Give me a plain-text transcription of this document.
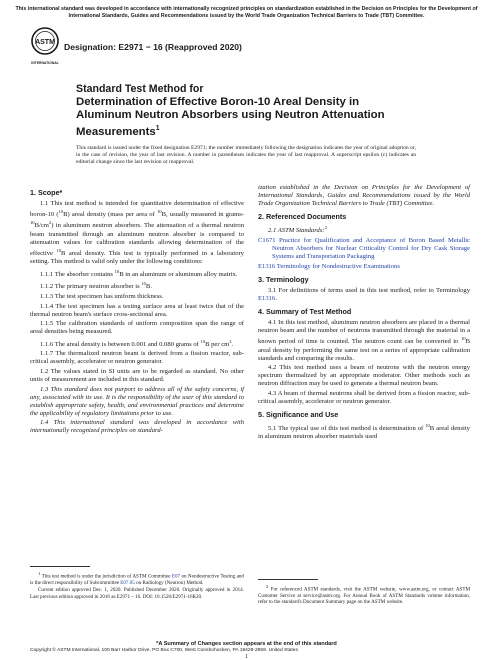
This international standard was developed in accordance with internationally recognized principles on standardization established in the Decision on Principles for the Development of International Standards, Guides and Recommendations issued by the World Trade Organization Technical Barriers to Trade (TBT) Committee.
ASTM
INTERNATIONAL
Designation: E2971 − 16 (Reapproved 2020)
Standard Test Method for
Determination of Effective Boron-10 Areal Density in
Aluminum Neutron Absorbers using Neutron Attenuation
Measurements$^1$
This standard is issued under the fixed designation E2971; the number immediately following the designation indicates the year of original adoption or, in the case of revision, the year of last revision. A number in parentheses indicates the year of last reapproval. A superscript epsilon (ε) indicates an editorial change since the last revision or reapproval.

1. Scope*

1.1 This test method is intended for quantitative determination of effective boron-10 ($^{10}$B) areal density (mass per area of $^{10}$B, usually measured in grams-$^{10}B/cm^2$) in aluminum neutron absorbers. The attenuation of a thermal neutron beam transmitted through an aluminum neutron absorber is compared to attenuation values for calibration standards allowing determination of the effective $^{10}$B areal density. This test is typically performed in a laboratory setting. This method is valid only under the following conditions:

1.1.1 The absorber contains $^{10}$B in an aluminum or aluminum alloy matrix.

1.1.2 The primary neutron absorber is $^{10}$B.

1.1.3 The test specimen has uniform thickness.

1.1.4 The test specimen has a testing surface area at least twice that of the thermal neutron beam's surface cross-sectional area.

1.1.5 The calibration standards of uniform composition span the range of areal densities being measured.

1.1.6 The areal density is between 0.001 and 0.080 grams of $^{10}$B per $cm^2$.

1.1.7 The thermalized neutron beam is derived from a fission reactor, sub-critical assembly, accelerator or neutron generator.

1.2 The values stated in SI units are to be regarded as standard. No other units of measurement are included in this standard.

1.3 This standard does not purport to address all of the safety concerns, if any, associated with its use. It is the responsibility of the user of this standard to establish appropriate safety, health, and environmental practices and determine the applicability of regulatory limitations prior to use.

1.4 This international standard was developed in accordance with internationally recognized principles on standard-

$^1$ This test method is under the jurisdiction of ASTM Committee E07 on Nondestructive Testing and is the direct responsibility of Subcommittee E07.05 on Radiology (Neutron) Method.

Current edition approved Dec. 1, 2020. Published December 2020. Originally approved in 2014. Last previous edition approved in 2016 as E2971 – 16. DOI: 10.1520/E2971-16R20.

ization established in the Decision on Principles for the Development of International Standards, Guides and Recommendations issued by the World Trade Organization Technical Barriers to Trade (TBT) Committee.

2. Referenced Documents

2.1 ASTM Standards:$^2$

C1671 Practice for Qualification and Acceptance of Boron Based Metallic Neutron Absorbers for Nuclear Criticality Control for Dry Cask Storage Systems and Transportation Packaging

E1316 Terminology for Nondestructive Examinations

3. Terminology

3.1 For definitions of terms used in this test method, refer to Terminology E1316.

4. Summary of Test Method

4.1 In this test method, aluminum neutron absorbers are placed in a thermal neutron beam and the number of neutrons transmitted through the material in a known period of time is counted. The neutron count can be converted to $^{10}$B areal density by performing the same test on a series of appropriate calibration standards and comparing the results.

4.2 This test method uses a beam of neutrons with the neutron energy spectrum thermalized by an appropriate moderator. Other methods such as neutron diffraction may be used to generate a thermal neutron beam.

4.3 A beam of thermal neutrons shall be derived from a fission reactor, sub-critical assembly, accelerator or neutron generator.

5. Significance and Use

5.1 The typical use of this test method is determination of $^{10}$B areal density in aluminum neutron absorber materials used

$^2$ For referenced ASTM standards, visit the ASTM website, www.astm.org, or contact ASTM Customer Service at service@astm.org. For Annual Book of ASTM Standards volume information, refer to the standard's Document Summary page on the ASTM website.

*A Summary of Changes section appears at the end of this standard
Copyright © ASTM International, 100 Barr Harbor Drive, PO Box C700, West Conshohocken, PA 19428-2959. United States
1
